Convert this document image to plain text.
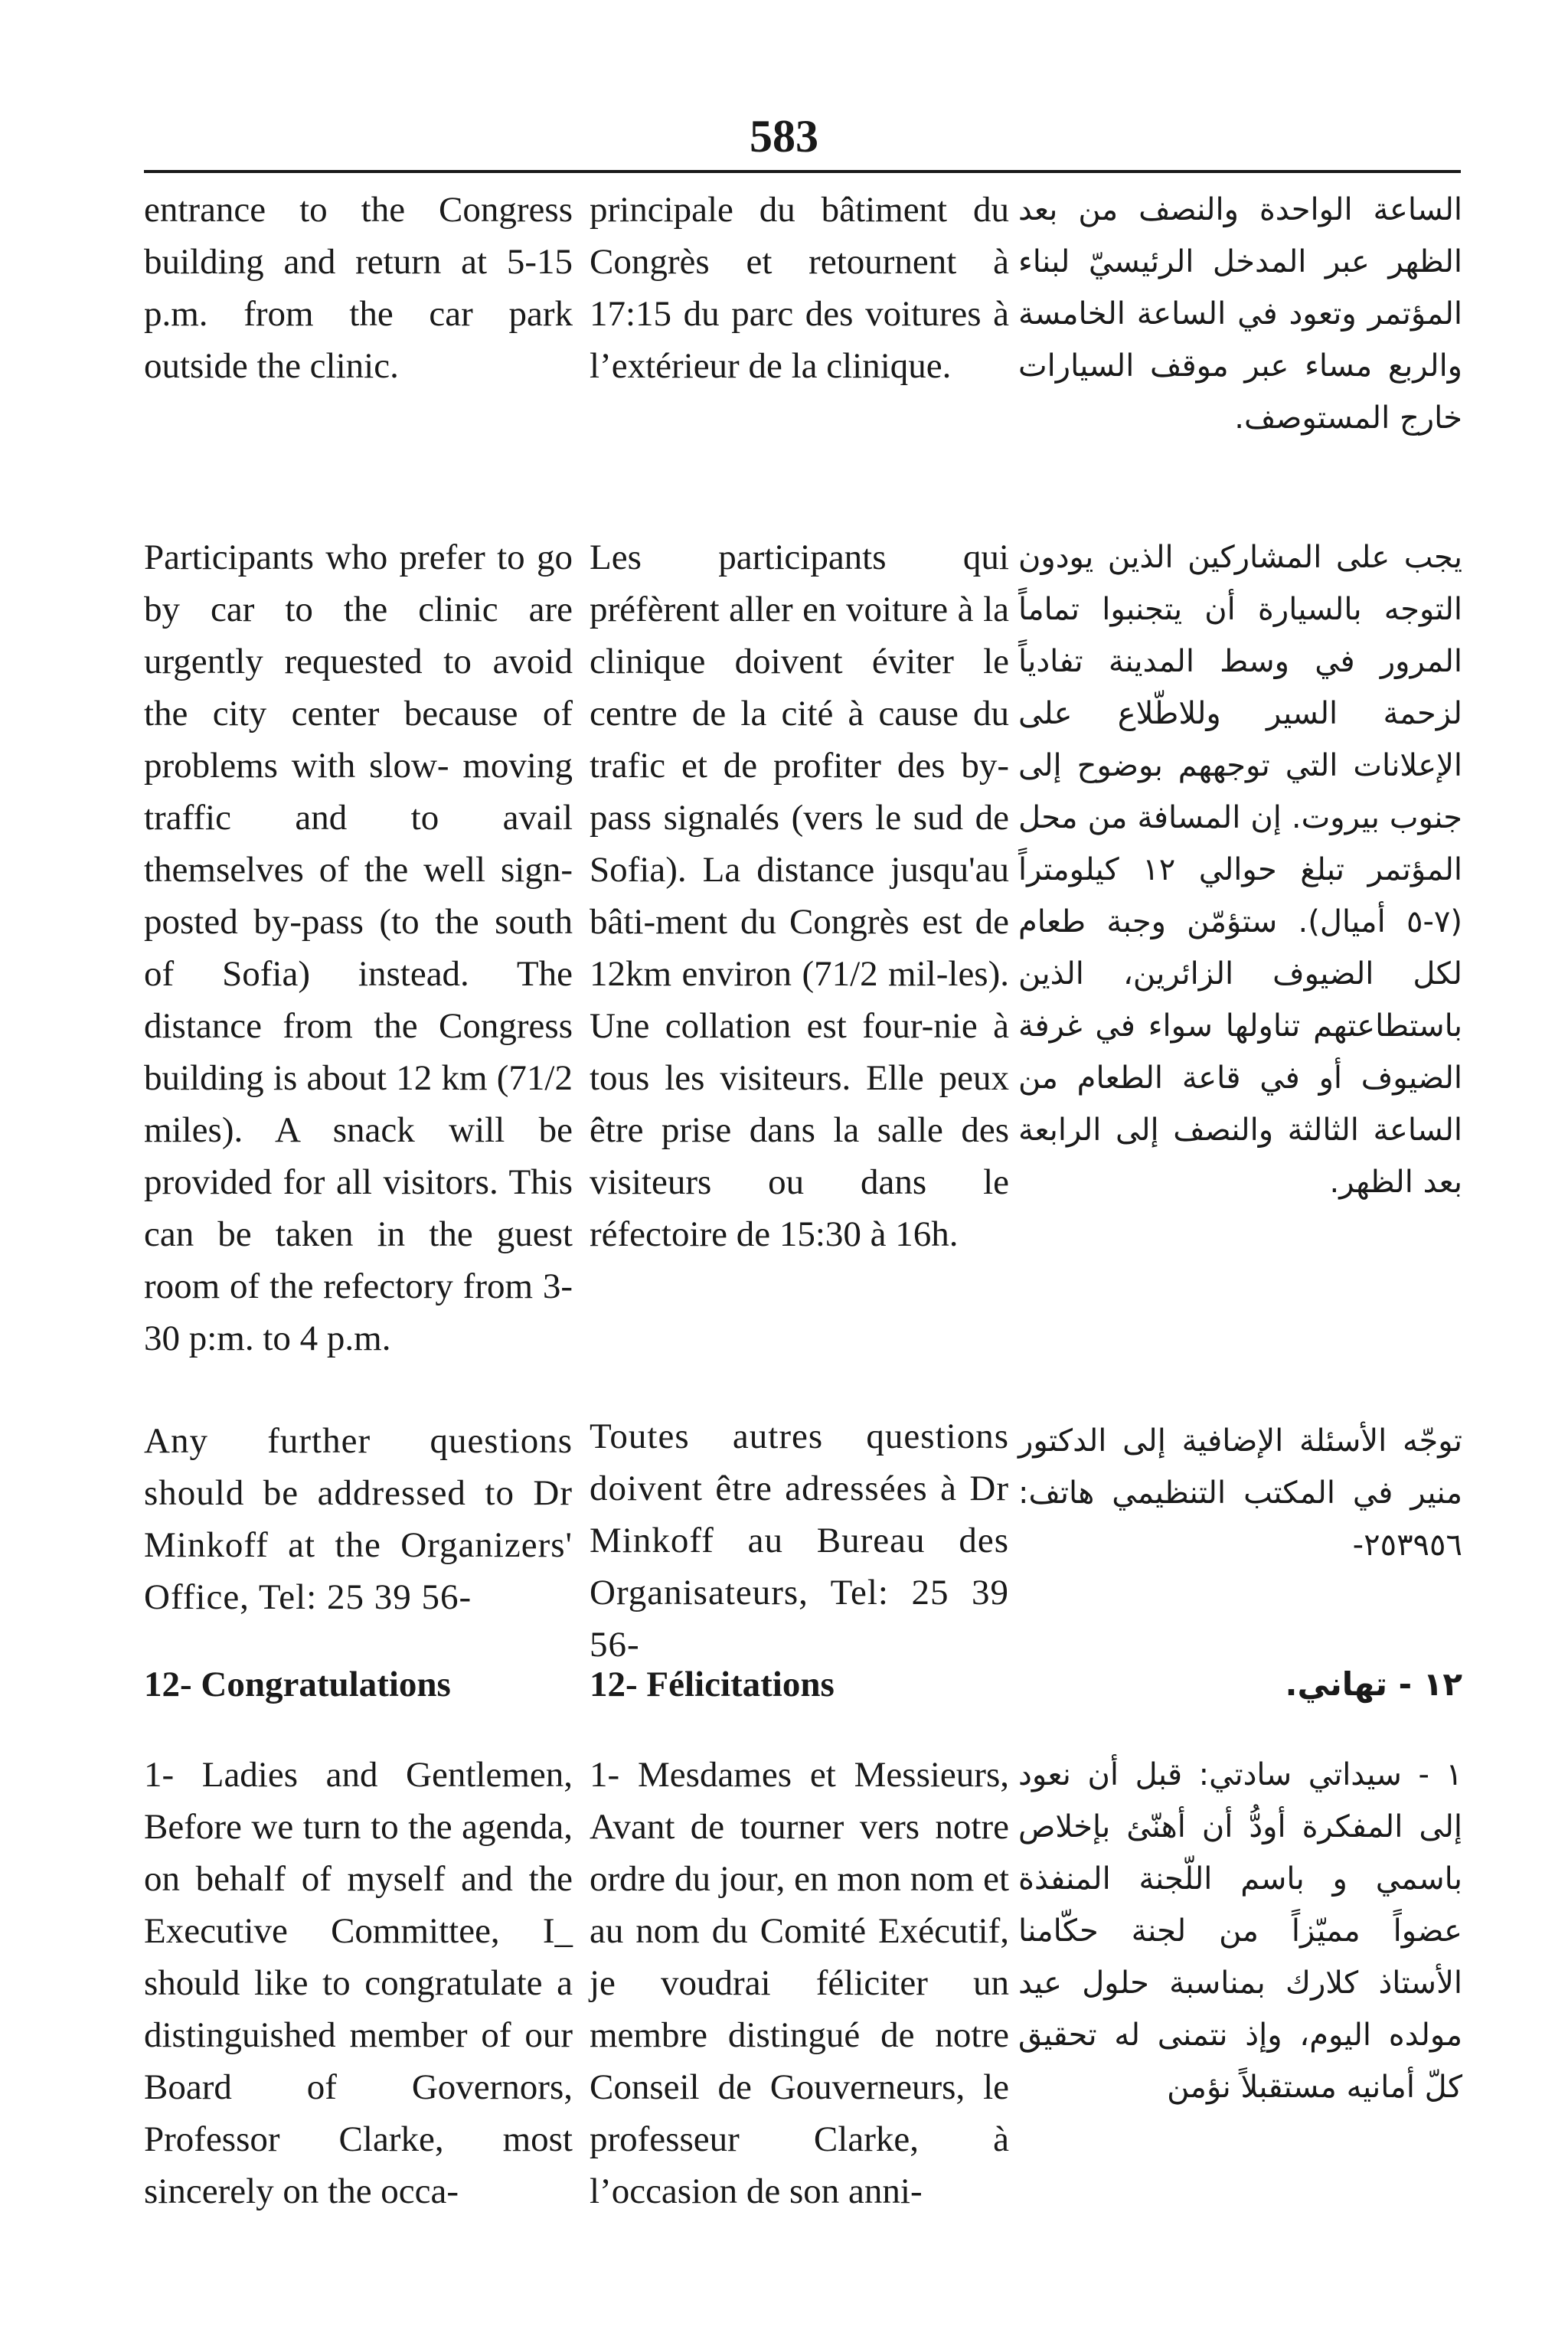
583

entrance to the Congress building and return at 5-15 p.m. from the car park outside the clinic.

Participants who prefer to go by car to the clinic are urgently requested to avoid the city center because of problems with slow- moving traffic and to avail themselves of the well sign-posted by-pass (to the south of Sofia) instead. The distance from the Congress building is about 12 km (71/2 miles). A snack will be provided for all visitors. This can be taken in the guest room of the refectory from 3-30 p:m. to 4 p.m.

Any further questions should be addressed to Dr Minkoff at the Organizers' Office, Tel: 25 39 56-

12- Congratulations

1- Ladies and Gentlemen, Before we turn to the agenda, on behalf of myself and the Executive Committee, I_ should like to congratulate a distinguished member of our Board of Governors, Professor Clarke, most sincerely on the occa-

principale du bâtiment du Congrès et retournent à 17:15 du parc des voitures à l’extérieur de la clinique.

Les participants qui préfèrent aller en voiture à la clinique doivent éviter le centre de la cité à cause du trafic et de profiter des by-pass signalés (vers le sud de Sofia). La distance jusqu'au bâti-ment du Congrès est de 12km environ (71/2 mil-les). Une collation est four-nie à tous les visiteurs. Elle peux être prise dans la salle des visiteurs ou dans le réfectoire de 15:30 à 16h.

Toutes autres questions doivent être adressées à Dr Minkoff au Bureau des Organisateurs, Tel: 25 39 56-

12- Félicitations

1- Mesdames et Messieurs, Avant de tourner vers notre ordre du jour, en mon nom et au nom du Comité Exécutif, je voudrai féliciter un membre distingué de notre Conseil de Gouverneurs, le professeur Clarke, à l’occasion de son anni-

الساعة الواحدة والنصف من بعد الظهر عبر المدخل الرئيسيّ لبناء المؤتمر وتعود في الساعة الخامسة والربع مساء عبر موقف السيارات خارج المستوصف.

يجب على المشاركين الذين يودون التوجه بالسيارة أن يتجنبوا تماماً المرور في وسط المدينة تفادياً لزحمة السير وللاطّلاع على الإعلانات التي توجههم بوضوح إلى جنوب بيروت. إن المسافة من محل المؤتمر تبلغ حوالي ١٢ كيلومتراً (٧-٥ أميال). ستؤمّن وجبة طعام لكل الضيوف الزائرين، الذين باستطاعتهم تناولها سواء في غرفة الضيوف أو في قاعة الطعام من الساعة الثالثة والنصف إلى الرابعة بعد الظهر.

توجّه الأسئلة الإضافية إلى الدكتور منير في المكتب التنظيمي هاتف: ٢٥٣٩٥٦-

١٢ - تهاني.

١ - سيداتي سادتي: قبل أن نعود إلى المفكرة أودُّ أن أهنّئ بإخلاص باسمي و باسم اللّجنة المنفذة عضواً مميّزاً من لجنة حكّامنا الأستاذ كلارك بمناسبة حلول عيد مولده اليوم، وإذ نتمنى له تحقيق كلّ أمانيه مستقبلاً نؤمن
